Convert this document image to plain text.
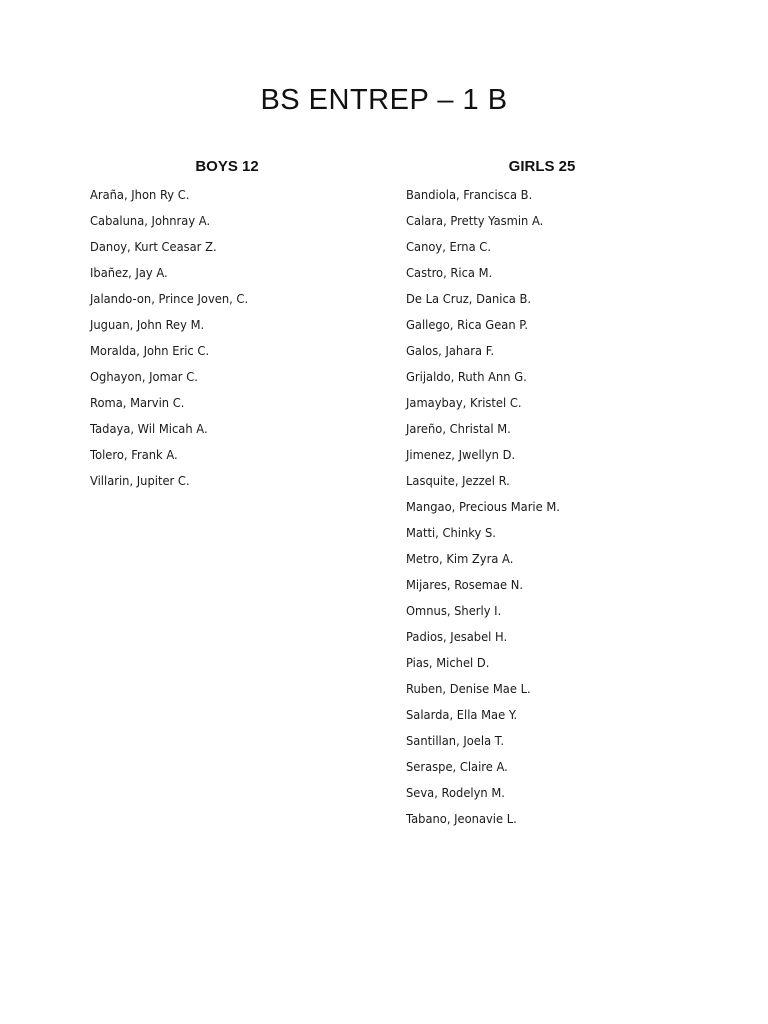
BS ENTREP – 1 B
BOYS 12
Araña, Jhon Ry C.
Cabaluna, Johnray A.
Danoy, Kurt Ceasar Z.
Ibañez, Jay A.
Jalando-on, Prince Joven, C.
Juguan, John Rey M.
Moralda, John Eric C.
Oghayon, Jomar C.
Roma, Marvin C.
Tadaya, Wil Micah A.
Tolero, Frank A.
Villarin, Jupiter C.
GIRLS 25
Bandiola, Francisca B.
Calara, Pretty Yasmin A.
Canoy, Erna C.
Castro, Rica M.
De La Cruz, Danica B.
Gallego, Rica Gean P.
Galos, Jahara F.
Grijaldo, Ruth Ann G.
Jamaybay, Kristel C.
Jareño, Christal M.
Jimenez, Jwellyn D.
Lasquite, Jezzel R.
Mangao, Precious Marie M.
Matti, Chinky S.
Metro, Kim Zyra A.
Mijares, Rosemae N.
Omnus, Sherly I.
Padios, Jesabel H.
Pias, Michel D.
Ruben, Denise Mae L.
Salarda, Ella Mae Y.
Santillan, Joela T.
Seraspe, Claire A.
Seva, Rodelyn M.
Tabano, Jeonavie L.
